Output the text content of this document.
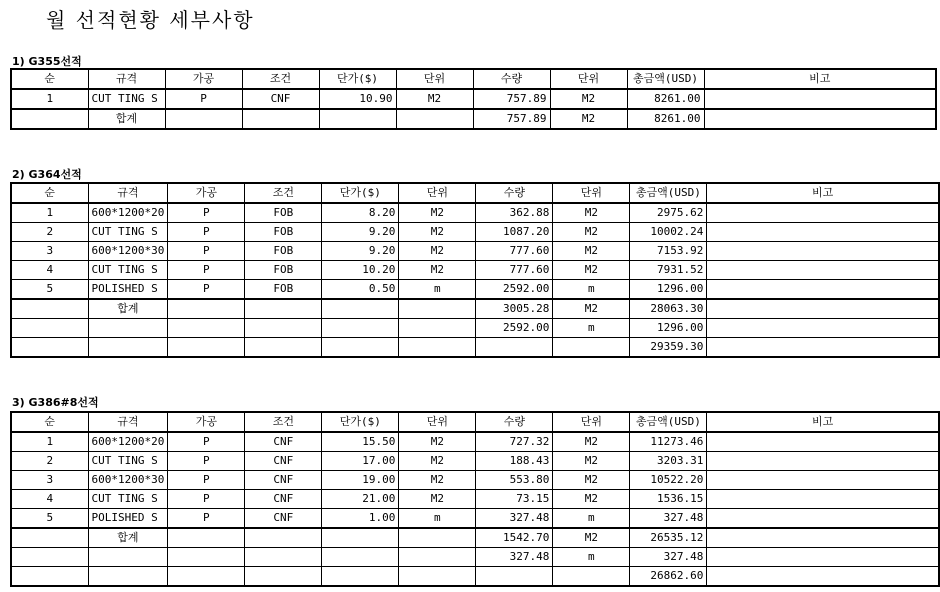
월 선적현황 세부사항
1) G355선적
순	규격	가공	조건	단가($)	단위	수량	단위	총금액(USD)	비고
1	CUT TING S	P	CNF	10.90	M2	757.89	M2	8261.00	
	합계					757.89	M2	8261.00	
2) G364선적
순	규격	가공	조건	단가($)	단위	수량	단위	총금액(USD)	비고
1	600*1200*20	P	FOB	8.20	M2	362.88	M2	2975.62	
2	CUT TING S	P	FOB	9.20	M2	1087.20	M2	10002.24	
3	600*1200*30	P	FOB	9.20	M2	777.60	M2	7153.92	
4	CUT TING S	P	FOB	10.20	M2	777.60	M2	7931.52	
5	POLISHED S	P	FOB	0.50	m	2592.00	m	1296.00	
	합계					3005.28	M2	28063.30	
						2592.00	m	1296.00	
								29359.30	
3) G386#8선적
순	규격	가공	조건	단가($)	단위	수량	단위	총금액(USD)	비고
1	600*1200*20	P	CNF	15.50	M2	727.32	M2	11273.46	
2	CUT TING S	P	CNF	17.00	M2	188.43	M2	3203.31	
3	600*1200*30	P	CNF	19.00	M2	553.80	M2	10522.20	
4	CUT TING S	P	CNF	21.00	M2	73.15	M2	1536.15	
5	POLISHED S	P	CNF	1.00	m	327.48	m	327.48	
	합계					1542.70	M2	26535.12	
						327.48	m	327.48	
								26862.60	
